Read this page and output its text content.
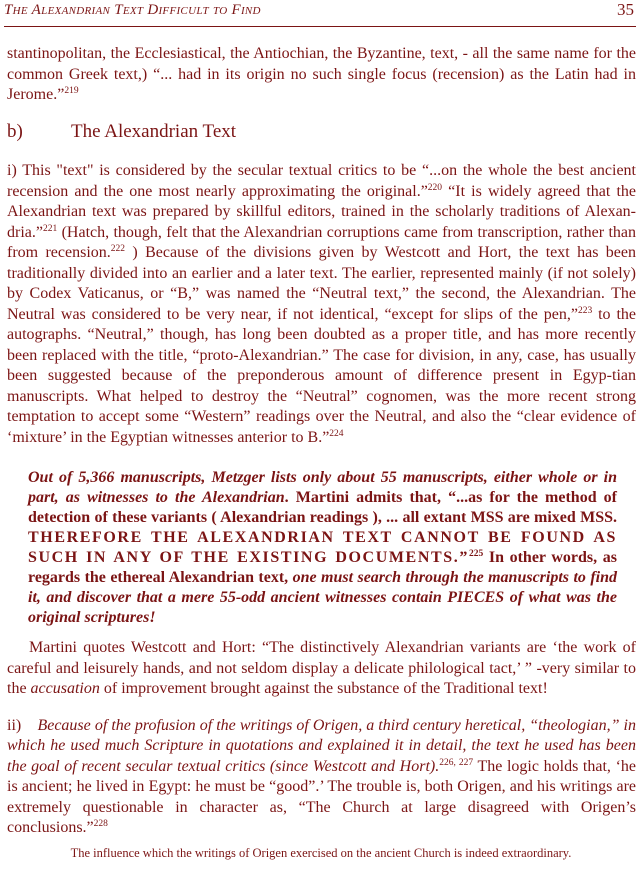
The Alexandrian Text Difficult to Find	35

stantinopolitan, the Ecclesiastical, the Antiochian, the Byzantine, text, - all the same name for the common Greek text,) “... had in its origin no such single focus (recension) as the Latin had in Jerome.”$^{219}$

b)	The Alexandrian Text

i) This "text" is considered by the secular textual critics to be “...on the whole the best ancient recension and the one most nearly approximating the original.”$^{220}$ “It is widely agreed that the Alexandrian text was prepared by skillful editors, trained in the scholarly traditions of Alexan-dria.”$^{221}$ (Hatch, though, felt that the Alexandrian corruptions came from transcription, rather than from recension.$^{222}$ ) Because of the divisions given by Westcott and Hort, the text has been traditionally divided into an earlier and a later text. The earlier, represented mainly (if not solely) by Codex Vaticanus, or “B,” was named the “Neutral text,” the second, the Alexandrian. The Neutral was considered to be very near, if not identical, “except for slips of the pen,”$^{223}$ to the autographs. “Neutral,” though, has long been doubted as a proper title, and has more recently been replaced with the title, “proto-Alexandrian.” The case for division, in any, case, has usually been suggested because of the preponderous amount of difference present in Egyp-tian manuscripts. What helped to destroy the “Neutral” cognomen, was the more recent strong temptation to accept some “Western” readings over the Neutral, and also the “clear evidence of ‘mixture’ in the Egyptian witnesses anterior to B.”$^{224}$

Out of 5,366 manuscripts, Metzger lists only about 55 manuscripts, either whole or in part, as witnesses to the Alexandrian. Martini admits that, “...as for the method of detection of these variants ( Alexandrian readings ), ... all extant MSS are mixed MSS. THEREFORE THE ALEXANDRIAN TEXT CANNOT BE FOUND AS SUCH IN ANY OF THE EXISTING DOCUMENTS.”$^{225}$ In other words, as regards the ethereal Alexandrian text, one must search through the manuscripts to find it, and discover that a mere 55-odd ancient witnesses contain PIECES of what was the original scriptures!

Martini quotes Westcott and Hort: “The distinctively Alexandrian variants are ‘the work of careful and leisurely hands, and not seldom display a delicate philological tact,’ ” -very similar to the accusation of improvement brought against the substance of the Traditional text!

ii)    Because of the profusion of the writings of Origen, a third century heretical, “theologian,” in which he used much Scripture in quotations and explained it in detail, the text he used has been the goal of recent secular textual critics (since Westcott and Hort).$^{226, 227}$ The logic holds that, ‘he is ancient; he lived in Egypt: he must be “good”.’ The trouble is, both Origen, and his writings are extremely questionable in character as, “The Church at large disagreed with Origen’s conclusions.”$^{228}$

The influence which the writings of Origen exercised on the ancient Church is indeed extraordinary.
